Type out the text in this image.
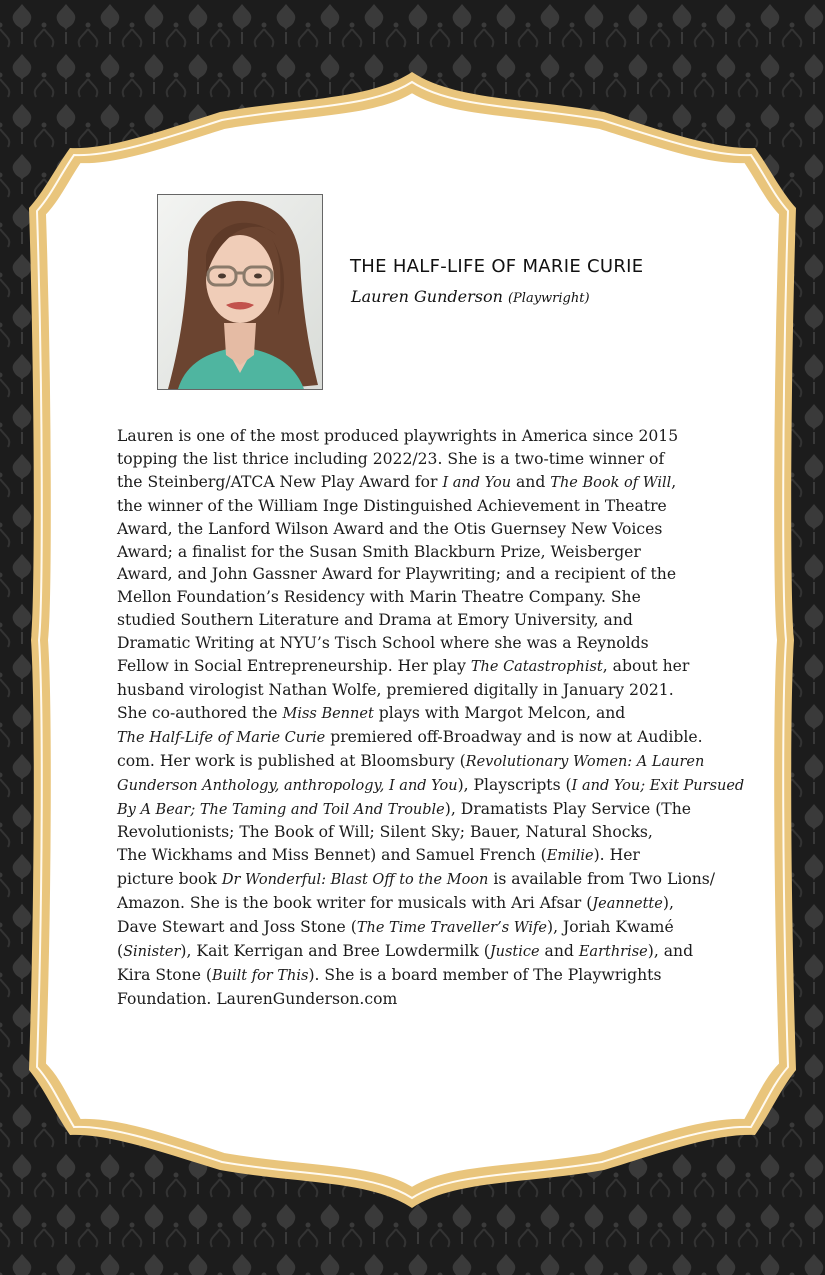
THE HALF-LIFE OF MARIE CURIE
Lauren Gunderson (Playwright)
Lauren is one of the most produced playwrights in America since 2015
topping the list thrice including 2022/23. She is a two-time winner of
the Steinberg/ATCA New Play Award for I and You and The Book of Will,
the winner of the William Inge Distinguished Achievement in Theatre
Award, the Lanford Wilson Award and the Otis Guernsey New Voices
Award; a finalist for the Susan Smith Blackburn Prize, Weisberger
Award, and John Gassner Award for Playwriting; and a recipient of the
Mellon Foundation’s Residency with Marin Theatre Company. She
studied Southern Literature and Drama at Emory University, and
Dramatic Writing at NYU’s Tisch School where she was a Reynolds
Fellow in Social Entrepreneurship. Her play The Catastrophist, about her
husband virologist Nathan Wolfe, premiered digitally in January 2021.
She co-authored the Miss Bennet plays with Margot Melcon, and
The Half-Life of Marie Curie premiered off-Broadway and is now at Audible.
com. Her work is published at Bloomsbury (Revolutionary Women: A Lauren
Gunderson Anthology, anthropology, I and You), Playscripts (I and You; Exit Pursued
By A Bear; The Taming and Toil And Trouble), Dramatists Play Service (The
Revolutionists; The Book of Will; Silent Sky; Bauer, Natural Shocks,
The Wickhams and Miss Bennet) and Samuel French (Emilie). Her
picture book Dr Wonderful: Blast Off to the Moon is available from Two Lions/
Amazon. She is the book writer for musicals with Ari Afsar (Jeannette),
Dave Stewart and Joss Stone (The Time Traveller’s Wife), Joriah Kwamé
(Sinister), Kait Kerrigan and Bree Lowdermilk (Justice and Earthrise), and
Kira Stone (Built for This). She is a board member of The Playwrights
Foundation. LaurenGunderson.com
